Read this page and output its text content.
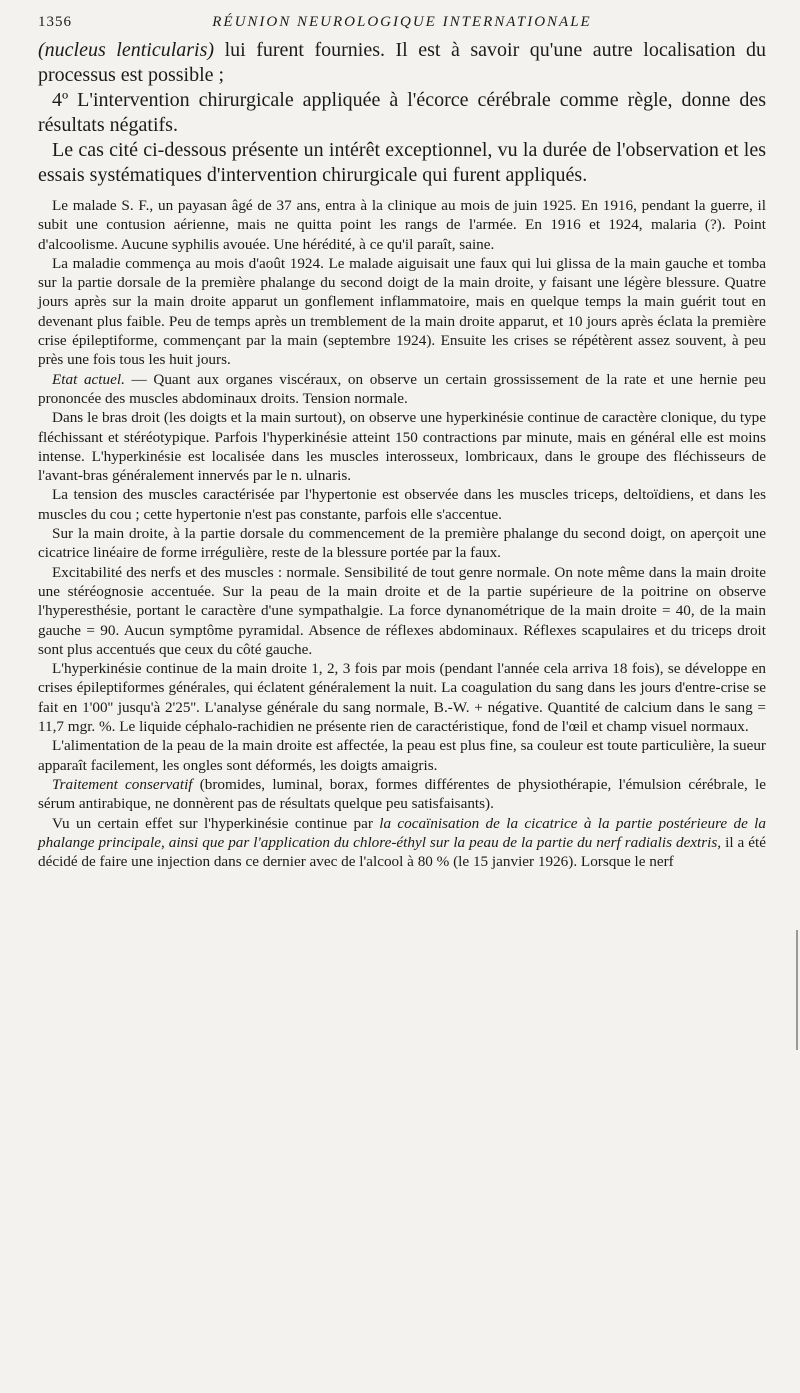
1356	RÉUNION NEUROLOGIQUE INTERNATIONALE

(nucleus lenticularis) lui furent fournies. Il est à savoir qu'une autre localisation du processus est possible ;

4º L'intervention chirurgicale appliquée à l'écorce cérébrale comme règle, donne des résultats négatifs.

Le cas cité ci-dessous présente un intérêt exceptionnel, vu la durée de l'observation et les essais systématiques d'intervention chirurgicale qui furent appliqués.

Le malade S. F., un payasan âgé de 37 ans, entra à la clinique au mois de juin 1925. En 1916, pendant la guerre, il subit une contusion aérienne, mais ne quitta point les rangs de l'armée. En 1916 et 1924, malaria (?). Point d'alcoolisme. Aucune syphilis avouée. Une hérédité, à ce qu'il paraît, saine.

La maladie commença au mois d'août 1924. Le malade aiguisait une faux qui lui glissa de la main gauche et tomba sur la partie dorsale de la première phalange du second doigt de la main droite, y faisant une légère blessure. Quatre jours après sur la main droite apparut un gonflement inflammatoire, mais en quelque temps la main guérit tout en devenant plus faible. Peu de temps après un tremblement de la main droite apparut, et 10 jours après éclata la première crise épileptiforme, commençant par la main (septembre 1924). Ensuite les crises se répétèrent assez souvent, à peu près une fois tous les huit jours.

Etat actuel. — Quant aux organes viscéraux, on observe un certain grossissement de la rate et une hernie peu prononcée des muscles abdominaux droits. Tension normale.

Dans le bras droit (les doigts et la main surtout), on observe une hyperkinésie continue de caractère clonique, du type fléchissant et stéréotypique. Parfois l'hyperkinésie atteint 150 contractions par minute, mais en général elle est moins intense. L'hyperkinésie est localisée dans les muscles interosseux, lombricaux, dans le groupe des fléchisseurs de l'avant-bras généralement innervés par le n. ulnaris.

La tension des muscles caractérisée par l'hypertonie est observée dans les muscles triceps, deltoïdiens, et dans les muscles du cou ; cette hypertonie n'est pas constante, parfois elle s'accentue.

Sur la main droite, à la partie dorsale du commencement de la première phalange du second doigt, on aperçoit une cicatrice linéaire de forme irrégulière, reste de la blessure portée par la faux.

Excitabilité des nerfs et des muscles : normale. Sensibilité de tout genre normale. On note même dans la main droite une stéréognosie accentuée. Sur la peau de la main droite et de la partie supérieure de la poitrine on observe l'hyperesthésie, portant le caractère d'une sympathalgie. La force dynanométrique de la main droite = 40, de la main gauche = 90. Aucun symptôme pyramidal. Absence de réflexes abdominaux. Réflexes scapulaires et du triceps droit sont plus accentués que ceux du côté gauche.

L'hyperkinésie continue de la main droite 1, 2, 3 fois par mois (pendant l'année cela arriva 18 fois), se développe en crises épileptiformes générales, qui éclatent généralement la nuit. La coagulation du sang dans les jours d'entre-crise se fait en 1'00'' jusqu'à 2'25''. L'analyse générale du sang normale, B.-W. + négative. Quantité de calcium dans le sang = 11,7 mgr. %. Le liquide céphalo-rachidien ne présente rien de caractéristique, fond de l'œil et champ visuel normaux.

L'alimentation de la peau de la main droite est affectée, la peau est plus fine, sa couleur est toute particulière, la sueur apparaît facilement, les ongles sont déformés, les doigts amaigris.

Traitement conservatif (bromides, luminal, borax, formes différentes de physiothérapie, l'émulsion cérébrale, le sérum antirabique, ne donnèrent pas de résultats quelque peu satisfaisants).

Vu un certain effet sur l'hyperkinésie continue par la cocaïnisation de la cicatrice à la partie postérieure de la phalange principale, ainsi que par l'application du chlore-éthyl sur la peau de la partie du nerf radialis dextris, il a été décidé de faire une injection dans ce dernier avec de l'alcool à 80 % (le 15 janvier 1926). Lorsque le nerf
